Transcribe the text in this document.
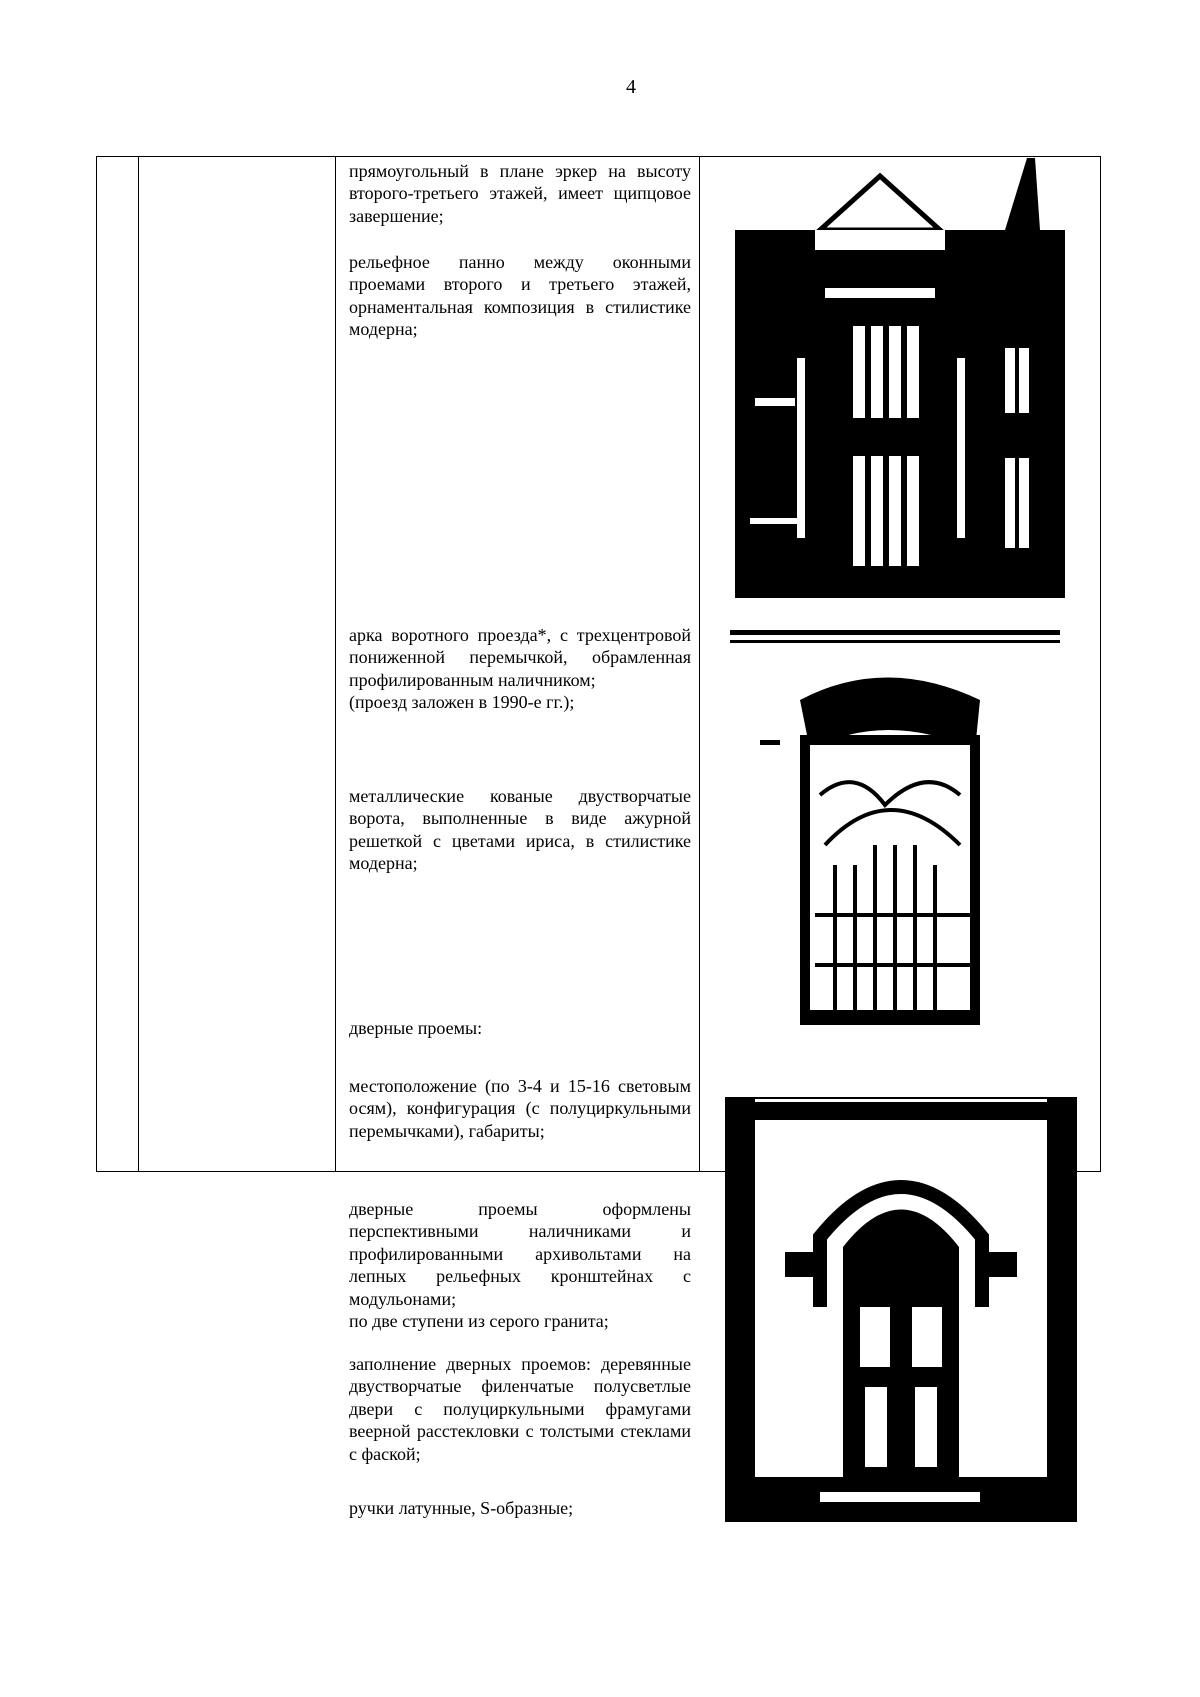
4

прямоугольный в плане эркер на высоту второго-третьего этажей, имеет щипцовое завершение;

рельефное панно между оконными проемами второго и третьего этажей, орнаментальная композиция в стилистике модерна;

арка воротного проезда*, с трехцентровой пониженной перемычкой, обрамленная профилированным наличником;

(проезд заложен в 1990-е гг.);

металлические кованые двустворчатые ворота, выполненные в виде ажурной решеткой с цветами ириса, в стилистике модерна;

дверные проемы:

местоположение (по 3-4 и 15-16 световым осям), конфигурация (с полуциркульными перемычками), габариты;

дверные проемы оформлены перспективными наличниками и профилированными архивольтами на лепных рельефных кронштейнах с модульонами;

по две ступени из серого гранита;

заполнение дверных проемов: деревянные двустворчатые филенчатые полусветлые двери с полуциркульными фрамугами веерной расстекловки с толстыми стеклами с фаской;

ручки латунные, S-образные;
